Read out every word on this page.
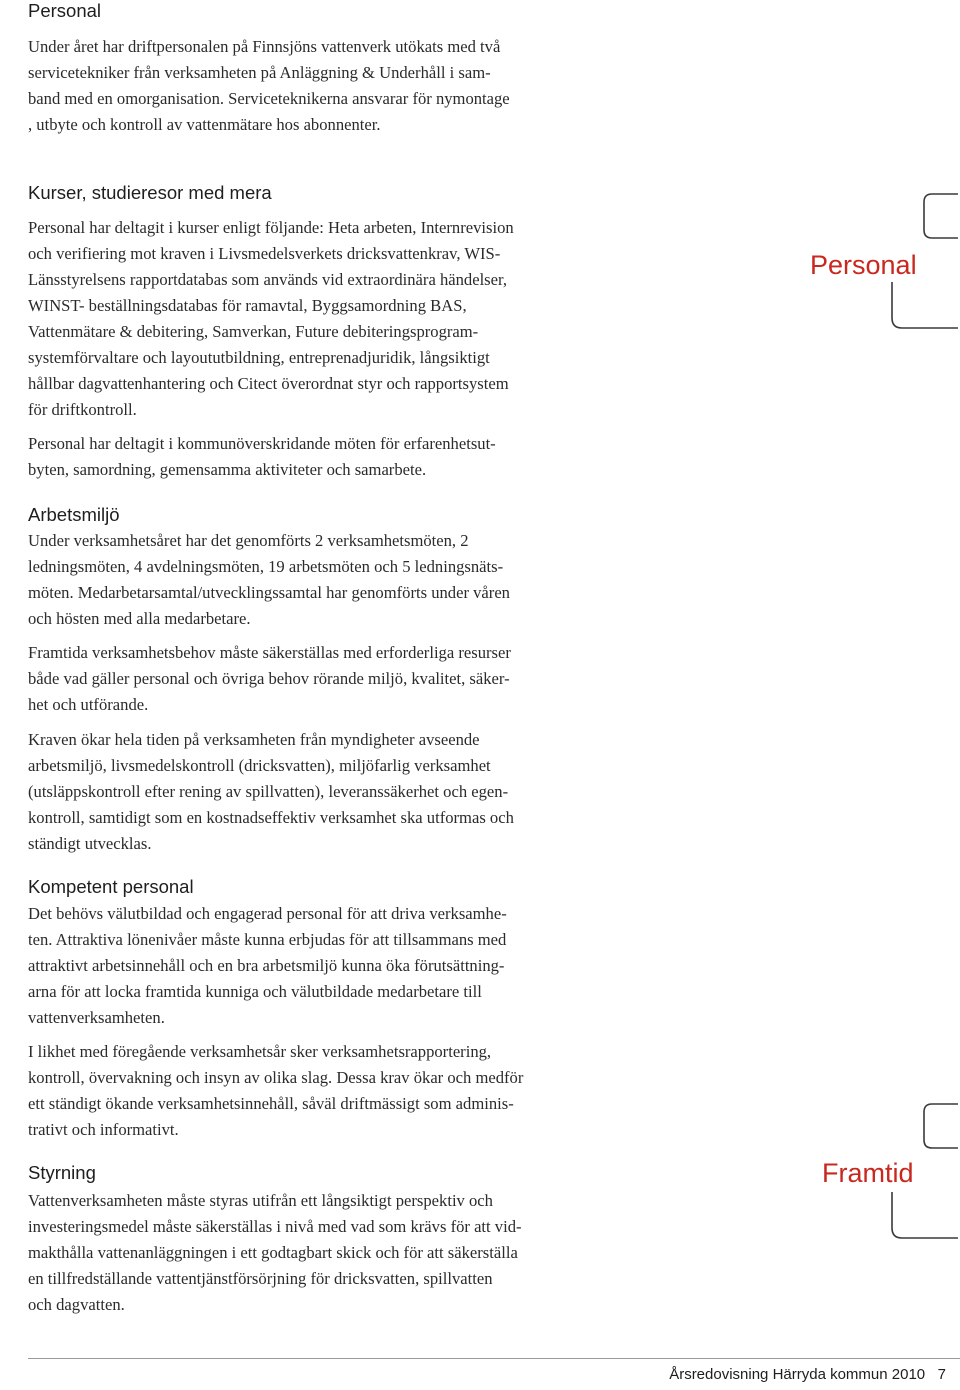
Personal
Under året har driftpersonalen på Finnsjöns vattenverk utökats med två
servicetekniker från verksamheten på Anläggning & Underhåll i sam-
band med en omorganisation. Serviceteknikerna ansvarar för nymontage
, utbyte och kontroll av vattenmätare hos abonnenter.
Kurser, studieresor med mera
Personal har deltagit i kurser enligt följande: Heta arbeten, Internrevision
och verifiering mot kraven i Livsmedelsverkets dricksvattenkrav, WIS-
Länsstyrelsens rapportdatabas som används vid extraordinära händelser,
WINST- beställningsdatabas för ramavtal, Byggsamordning BAS,
Vattenmätare & debitering, Samverkan, Future debiteringsprogram-
systemförvaltare och layoututbildning, entreprenadjuridik, långsiktigt
hållbar dagvattenhantering och Citect överordnat styr och rapportsystem
för driftkontroll.
Personal har deltagit i kommunöverskridande möten för erfarenhetsut-
byten, samordning, gemensamma aktiviteter och samarbete.
Arbetsmiljö
Under verksamhetsåret har det genomförts 2 verksamhetsmöten, 2
ledningsmöten, 4 avdelningsmöten, 19 arbetsmöten och 5 ledningsnäts-
möten. Medarbetarsamtal/utvecklingssamtal har genomförts under våren
och hösten med alla medarbetare.
Framtida verksamhetsbehov måste säkerställas med erforderliga resurser
både vad gäller personal och övriga behov rörande miljö, kvalitet, säker-
het och utförande.
Kraven ökar hela tiden på verksamheten från myndigheter avseende
arbetsmiljö, livsmedelskontroll (dricksvatten), miljöfarlig verksamhet
(utsläppskontroll efter rening av spillvatten), leveranssäkerhet och egen-
kontroll, samtidigt som en kostnadseffektiv verksamhet ska utformas och
ständigt utvecklas.
Kompetent personal
Det behövs välutbildad och engagerad personal för att driva verksamhe-
ten. Attraktiva lönenivåer måste kunna erbjudas för att tillsammans med
attraktivt arbetsinnehåll och en bra arbetsmiljö kunna öka förutsättning-
arna för att locka framtida kunniga och välutbildade medarbetare till
vattenverksamheten.
I likhet med föregående verksamhetsår sker verksamhetsrapportering,
kontroll, övervakning och insyn av olika slag. Dessa krav ökar och medför
ett ständigt ökande verksamhetsinnehåll, såväl driftmässigt som adminis-
trativt och informativt.
Styrning
Vattenverksamheten måste styras utifrån ett långsiktigt perspektiv och
investeringsmedel måste säkerställas i nivå med vad som krävs för att vid-
makthålla vattenanläggningen i ett godtagbart skick och för att säkerställa
en tillfredställande vattentjänstförsörjning för dricksvatten, spillvatten
och dagvatten.
Personal
Framtid
Årsredovisning Härryda kommun 2010 7
